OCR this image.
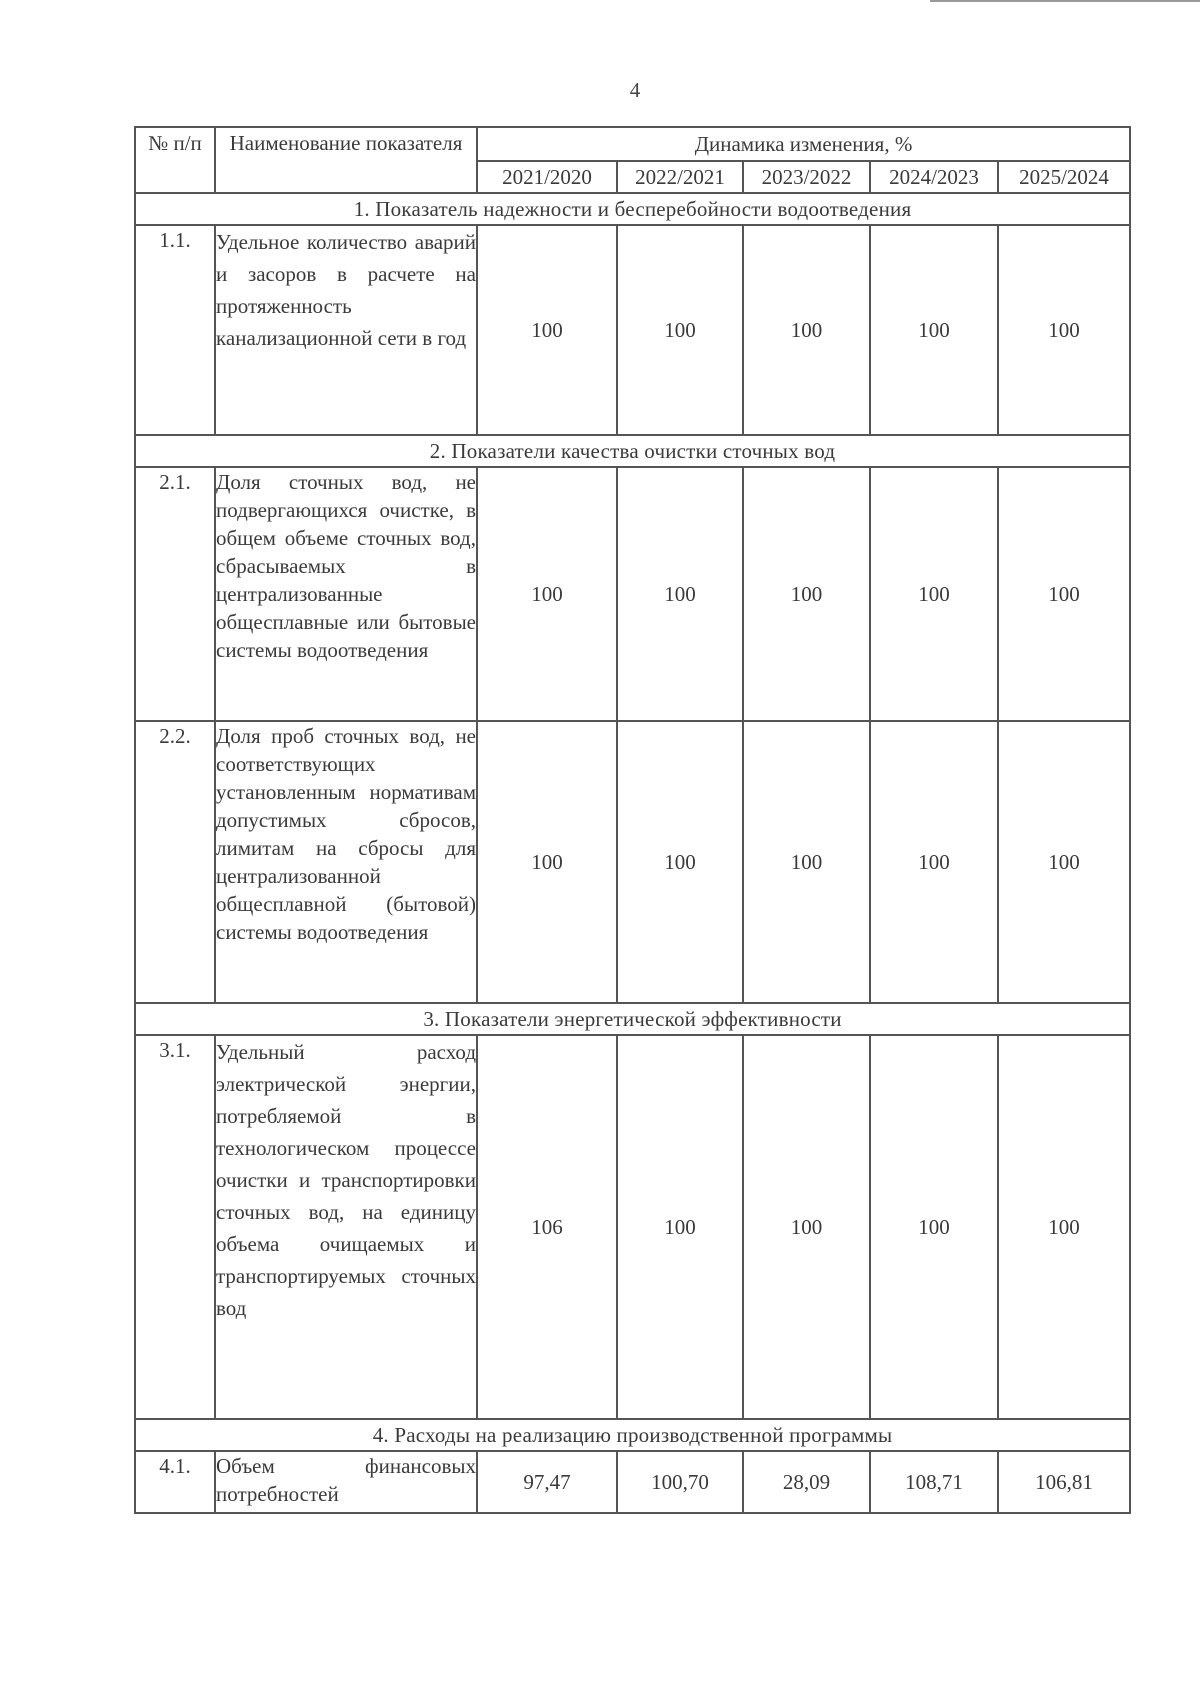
4
№ п/п	Наименование показателя	Динамика изменения, %				
		2021/2020	2022/2021	2023/2022	2024/2023	2025/2024
1. Показатель надежности и бесперебойности водоотведения						
1.1.	Удельное количество аварий и засоров в расчете на протяженность канализационной сети в год	100	100	100	100	100
2. Показатели качества очистки сточных вод						
2.1.	Доля сточных вод, не подвергающихся очистке, в общем объеме сточных вод, сбрасываемых в централизованные общесплавные или бытовые системы водоотведения	100	100	100	100	100
2.2.	Доля проб сточных вод, не соответствующих установленным нормативам допустимых сбросов, лимитам на сбросы для централизованной общесплавной (бытовой) системы водоотведения	100	100	100	100	100
3. Показатели энергетической эффективности						
3.1.	Удельный расход электрической энергии, потребляемой в технологическом процессе очистки и транспортировки сточных вод, на единицу объема очищаемых и транспортируемых сточных вод	106	100	100	100	100
4. Расходы на реализацию производственной программы						
4.1.	Объем финансовых потребностей	97,47	100,70	28,09	108,71	106,81
